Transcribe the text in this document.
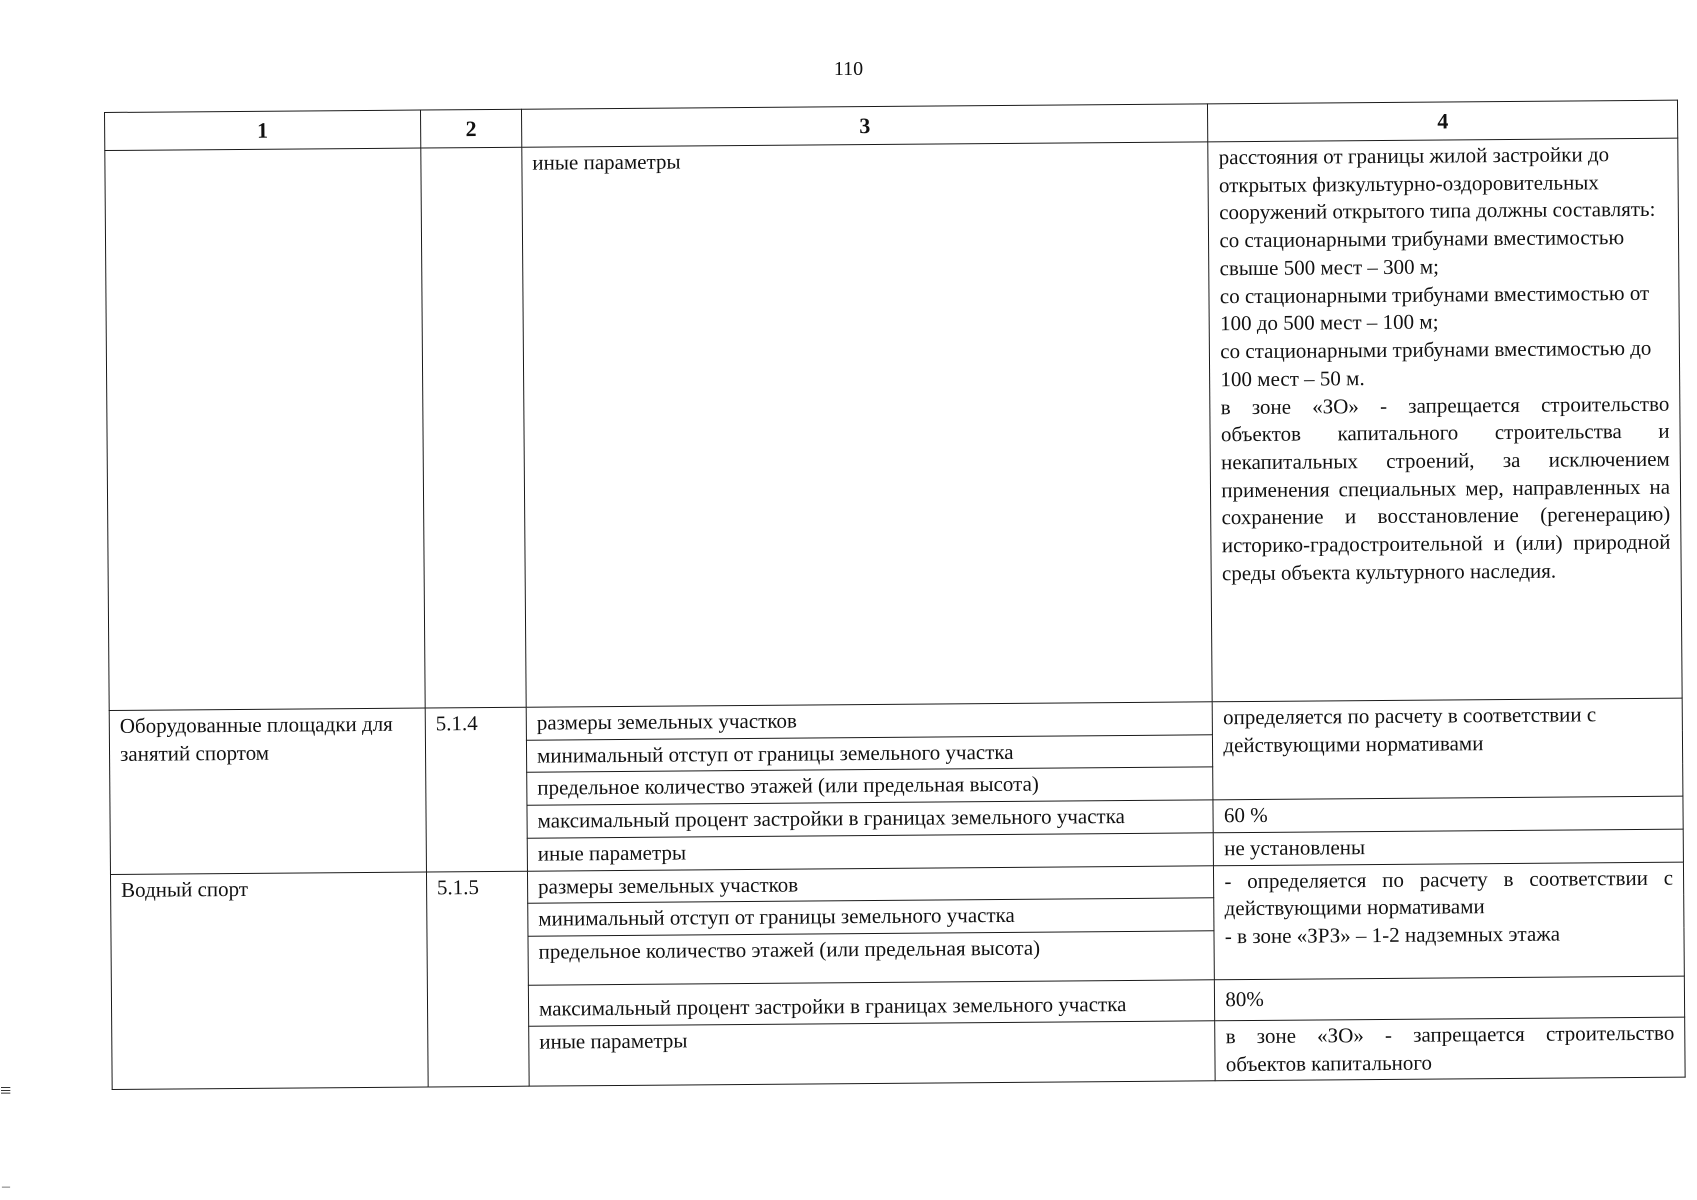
110
1	2	3	4
		иные параметры	расстояния от границы жилой застройки до открытых физкультурно-оздоровительных сооружений открытого типа должны составлять:
со стационарными трибунами вместимостью свыше 500 мест – 300 м;
со стационарными трибунами вместимостью от 100 до 500 мест – 100 м;
со стационарными трибунами вместимостью до 100 мест – 50 м.
в зоне «ЗО» - запрещается строительство объектов капитального строительства и некапитальных строений, за исключением применения специальных мер, направленных на сохранение и восстановление (регенерацию) историко-градостроительной и (или) природной среды объекта культурного наследия.

Оборудованные площадки для занятий спортом	5.1.4	размеры земельных участков	определяется по расчету в соответствии с действующими нормативами
		минимальный отступ от границы земельного участка	
		предельное количество этажей (или предельная высота)	
		максимальный процент застройки в границах земельного участка	60 %
		иные параметры	не установлены
Водный спорт	5.1.5	размеры земельных участков	- определяется по расчету в соответствии с действующими нормативами
- в зоне «ЗРЗ» – 1-2 надземных этажа

		минимальный отступ от границы земельного участка	
		предельное количество этажей (или предельная высота)	
		максимальный процент застройки в границах земельного участка	80%
		иные параметры	в зоне «ЗО» - запрещается строительство объектов капитального
≡
–
